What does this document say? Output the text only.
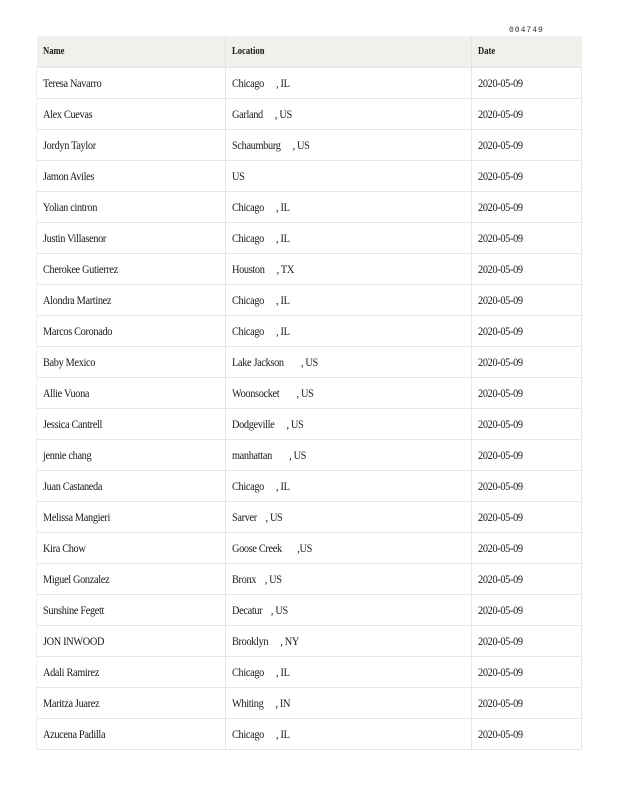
004749
Name	Location	Date
Teresa Navarro	Chicago , IL	2020-05-09
Alex Cuevas	Garland , US	2020-05-09
Jordyn Taylor	Schaumburg , US	2020-05-09
Jamon Aviles	US	2020-05-09
Yolian cintron	Chicago , IL	2020-05-09
Justin Villasenor	Chicago , IL	2020-05-09
Cherokee Gutierrez	Houston , TX	2020-05-09
Alondra Martinez	Chicago , IL	2020-05-09
Marcos Coronado	Chicago , IL	2020-05-09
Baby Mexico	Lake Jackson , US	2020-05-09
Allie Vuona	Woonsocket , US	2020-05-09
Jessica Cantrell	Dodgeville , US	2020-05-09
jennie chang	manhattan , US	2020-05-09
Juan Castaneda	Chicago , IL	2020-05-09
Melissa Mangieri	Sarver , US	2020-05-09
Kira Chow	Goose Creek ,US	2020-05-09
Miguel Gonzalez	Bronx , US	2020-05-09
Sunshine Fegett	Decatur , US	2020-05-09
JON INWOOD	Brooklyn , NY	2020-05-09
Adali Ramirez	Chicago , IL	2020-05-09
Maritza Juarez	Whiting , IN	2020-05-09
Azucena Padilla	Chicago , IL	2020-05-09
